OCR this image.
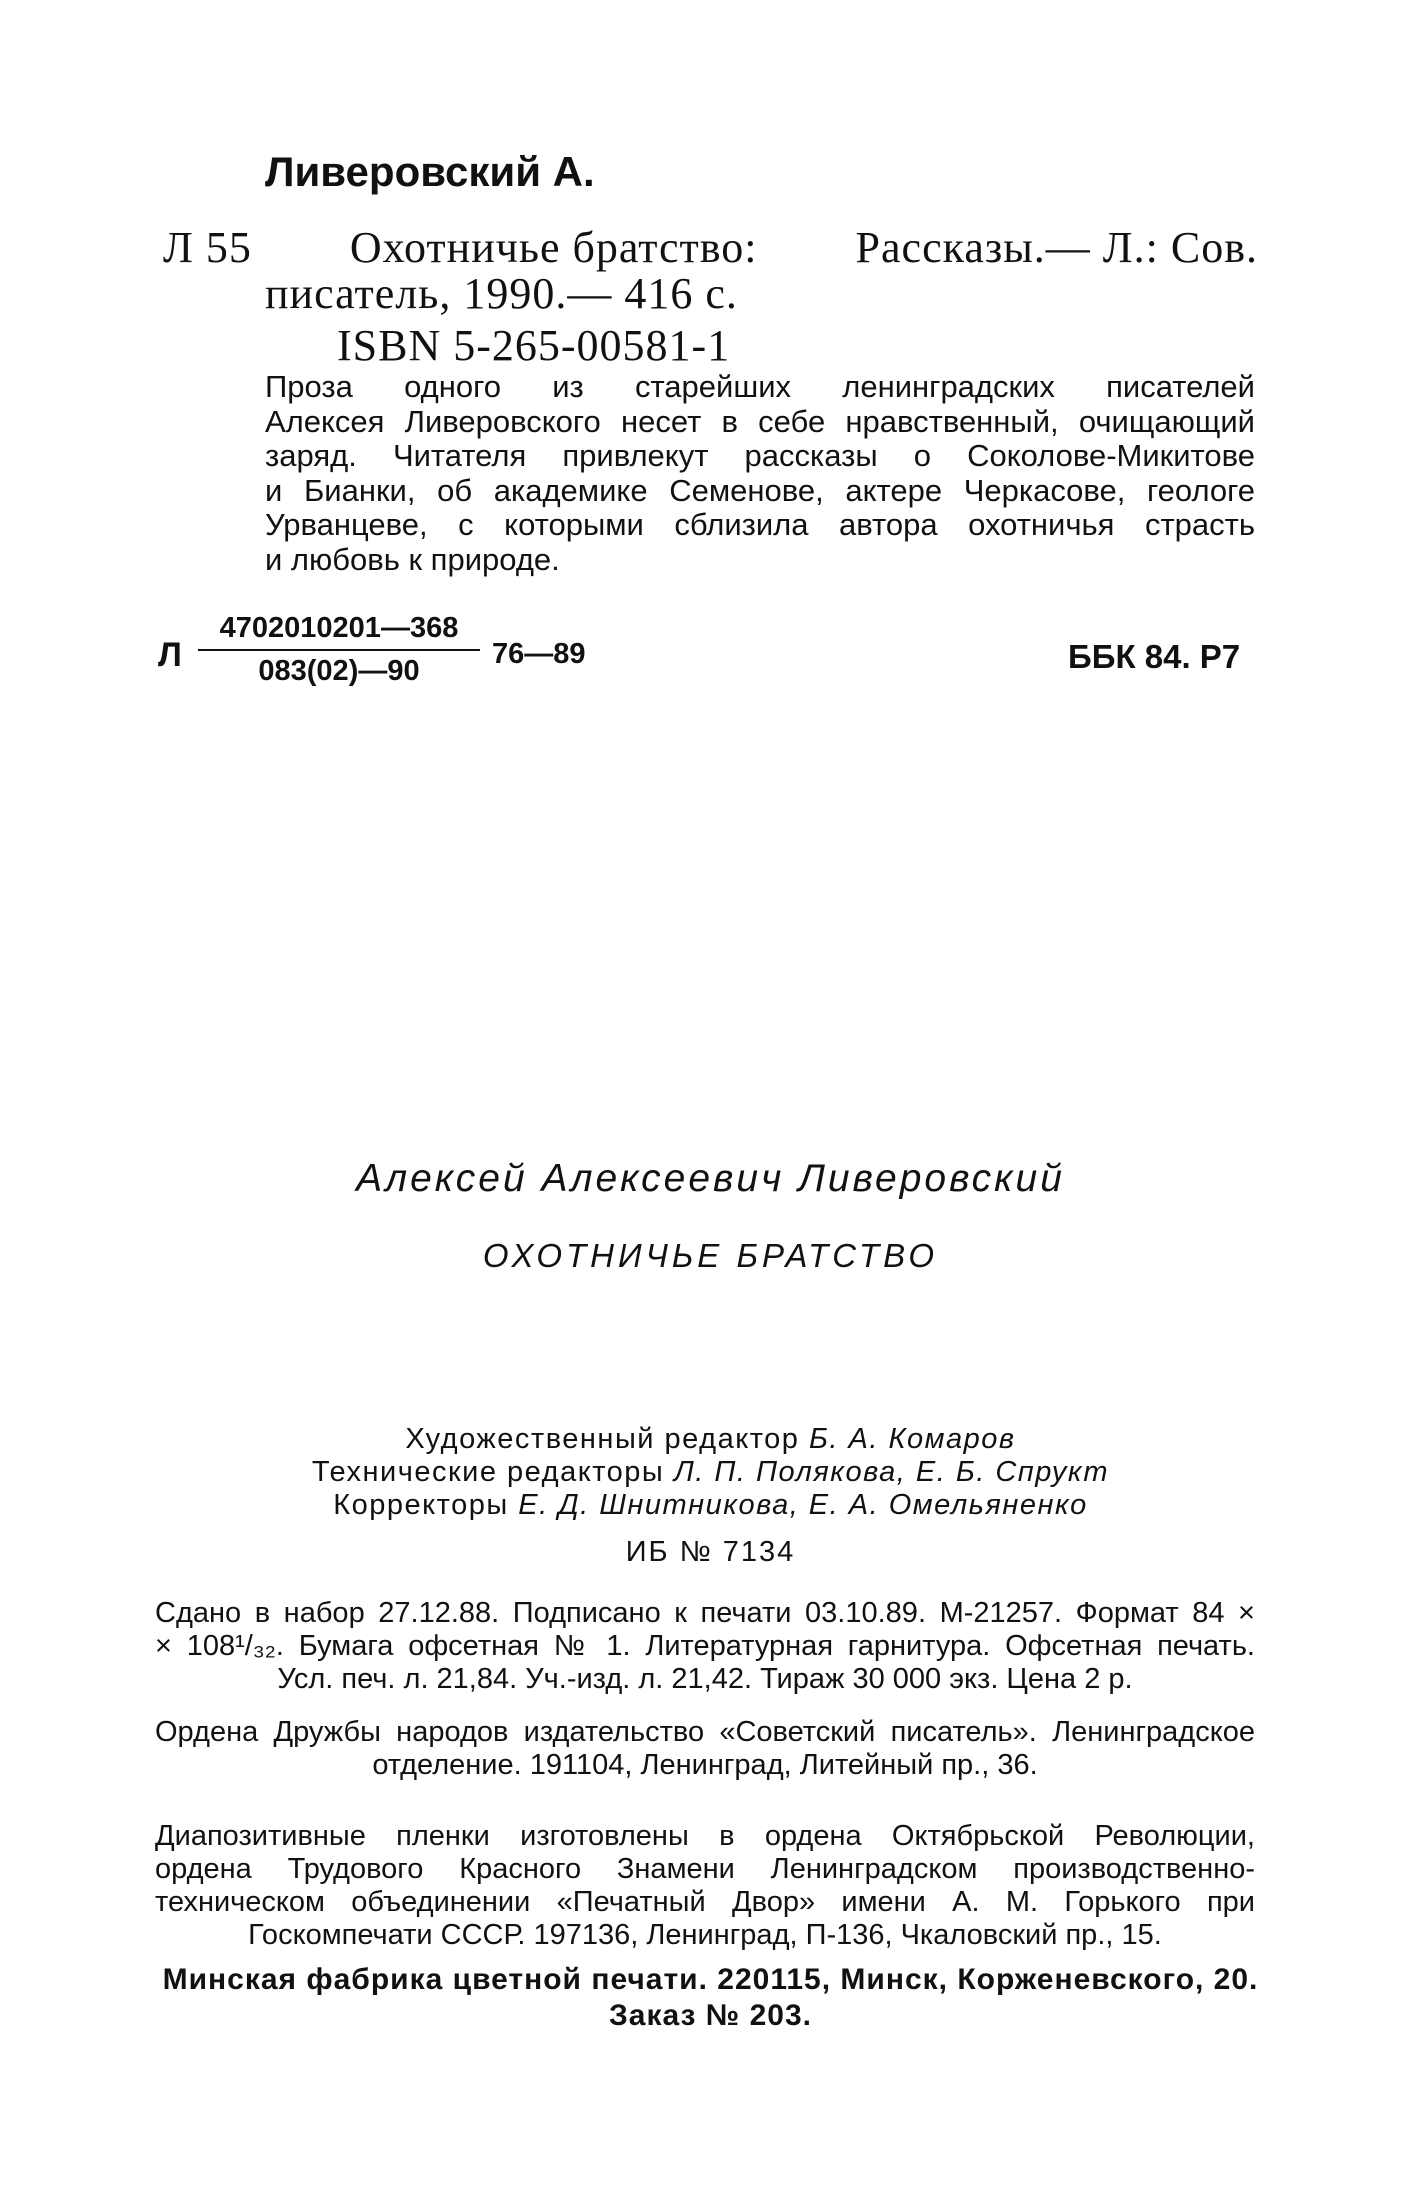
Ливеровский А.
Л 55 Охотничье братство: Рассказы.— Л.: Сов.
писатель, 1990.— 416 с.
ISBN 5-265-00581-1
Проза одного из старейших ленинградских писателей
Алексея Ливеровского несет в себе нравственный, очищающий
заряд. Читателя привлекут рассказы о Соколове-Микитове
и Бианки, об академике Семенове, актере Черкасове, геологе
Урванцеве, с которыми сблизила автора охотничья страсть
и любовь к природе.
Л
4702010201—368
083(02)—90
76—89	ББК 84. Р7
Алексей Алексеевич Ливеровский
ОХОТНИЧЬЕ БРАТСТВО
Художественный редактор Б. А. Комаров
Технические редакторы Л. П. Полякова, Е. Б. Спрукт
Корректоры Е. Д. Шнитникова, Е. А. Омельяненко
ИБ № 7134
Сдано в набор 27.12.88. Подписано к печати 03.10.89. М-21257. Формат 84 ×
× 108¹/₃₂. Бумага офсетная № 1. Литературная гарнитура. Офсетная печать.
Усл. печ. л. 21,84. Уч.-изд. л. 21,42. Тираж 30 000 экз. Цена 2 р.
Ордена Дружбы народов издательство «Советский писатель». Ленинградское
отделение. 191104, Ленинград, Литейный пр., 36.
Диапозитивные пленки изготовлены в ордена Октябрьской Революции,
ордена Трудового Красного Знамени Ленинградском производственно-
техническом объединении «Печатный Двор» имени А. М. Горького при
Госкомпечати СССР. 197136, Ленинград, П-136, Чкаловский пр., 15.
Минская фабрика цветной печати. 220115, Минск, Корженевского, 20.
Заказ № 203.
